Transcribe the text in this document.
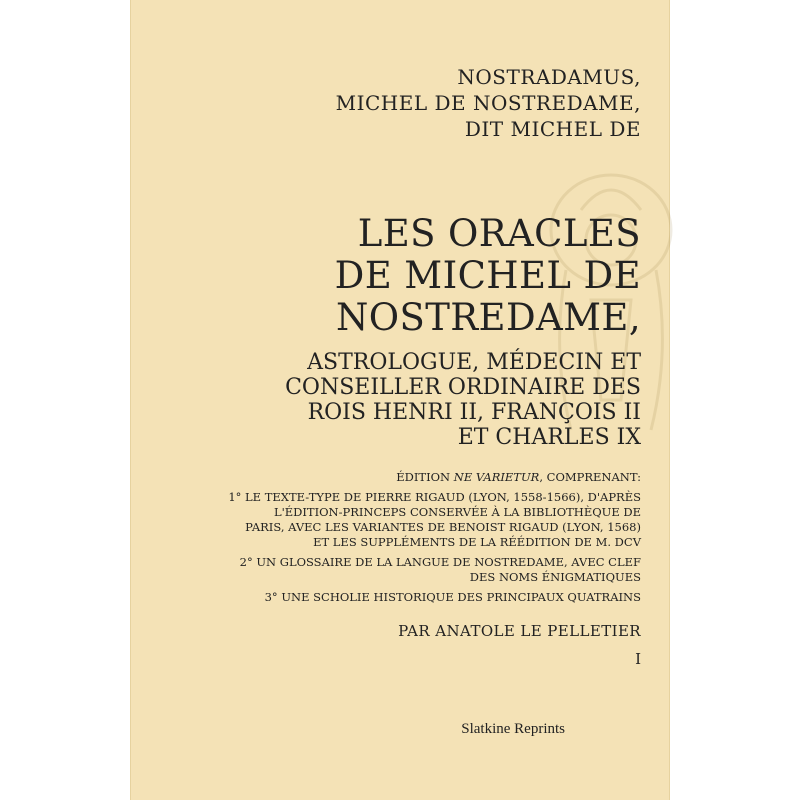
NOSTRADAMUS,
MICHEL DE NOSTREDAME,
DIT MICHEL DE
LES ORACLES
DE MICHEL DE
NOSTREDAME,
ASTROLOGUE, MÉDECIN ET
CONSEILLER ORDINAIRE DES
ROIS HENRI II, FRANÇOIS II
ET CHARLES IX
ÉDITION NE VARIETUR, COMPRENANT:
1° LE TEXTE-TYPE DE PIERRE RIGAUD (LYON, 1558-1566), D'APRÈS
L'ÉDITION-PRINCEPS CONSERVÉE À LA BIBLIOTHÈQUE DE
PARIS, AVEC LES VARIANTES DE BENOIST RIGAUD (LYON, 1568)
ET LES SUPPLÉMENTS DE LA RÉÉDITION DE M. DCV
2° UN GLOSSAIRE DE LA LANGUE DE NOSTREDAME, AVEC CLEF
DES NOMS ÉNIGMATIQUES
3° UNE SCHOLIE HISTORIQUE DES PRINCIPAUX QUATRAINS
PAR ANATOLE LE PELLETIER
I
Slatkine Reprints
